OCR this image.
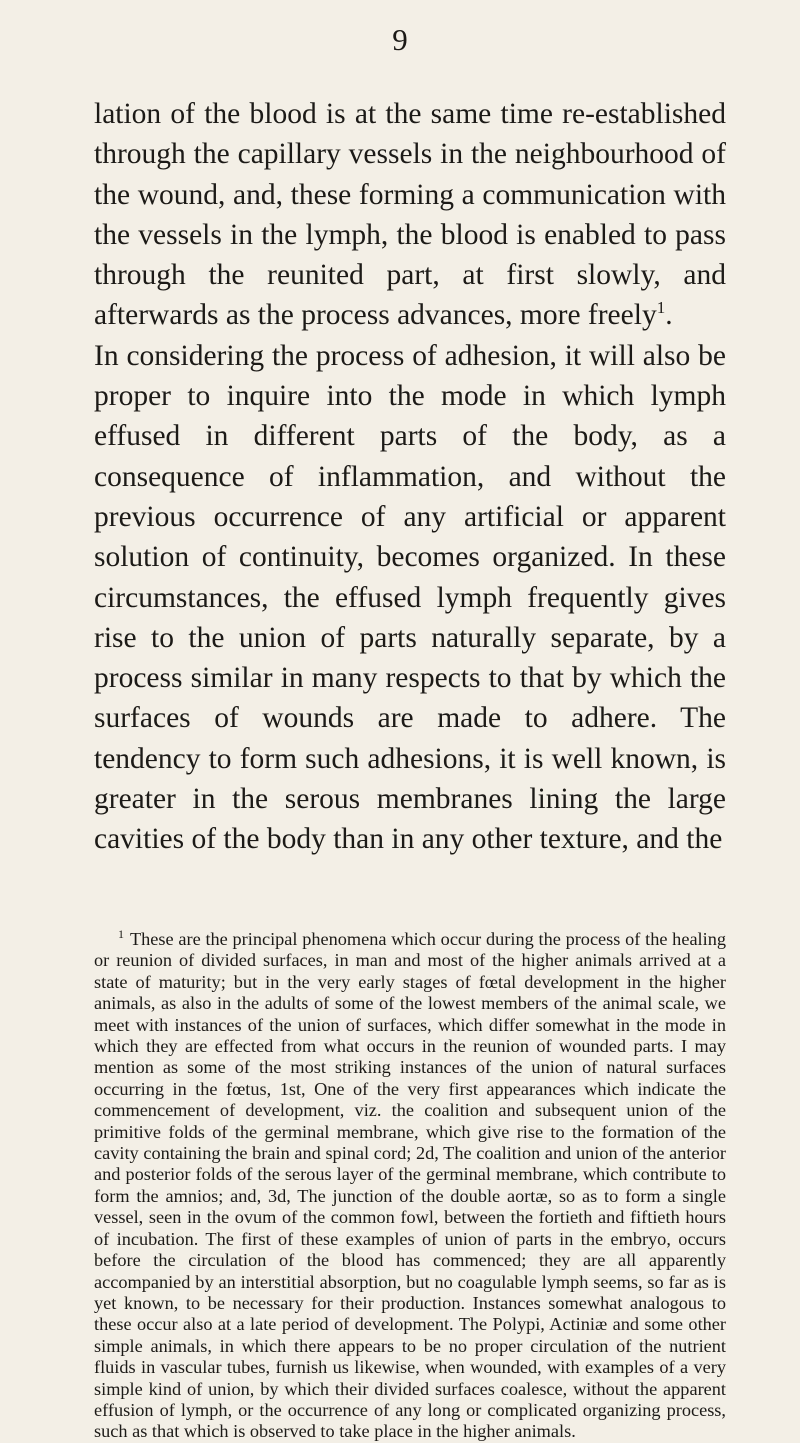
9

lation of the blood is at the same time re-established through the capillary vessels in the neighbourhood of the wound, and, these forming a communication with the vessels in the lymph, the blood is enabled to pass through the reunited part, at first slowly, and afterwards as the process advances, more freely$^1$.

In considering the process of adhesion, it will also be proper to inquire into the mode in which lymph effused in different parts of the body, as a consequence of inflammation, and without the previous occurrence of any artificial or apparent solution of continuity, becomes organized. In these circumstances, the effused lymph frequently gives rise to the union of parts naturally separate, by a process similar in many respects to that by which the surfaces of wounds are made to adhere. The tendency to form such adhesions, it is well known, is greater in the serous membranes lining the large cavities of the body than in any other texture, and the

$^1$ These are the principal phenomena which occur during the process of the healing or reunion of divided surfaces, in man and most of the higher animals arrived at a state of maturity; but in the very early stages of fœtal development in the higher animals, as also in the adults of some of the lowest members of the animal scale, we meet with instances of the union of surfaces, which differ somewhat in the mode in which they are effected from what occurs in the reunion of wounded parts. I may mention as some of the most striking instances of the union of natural surfaces occurring in the fœtus, 1st, One of the very first appearances which indicate the commencement of development, viz. the coalition and subsequent union of the primitive folds of the germinal membrane, which give rise to the formation of the cavity containing the brain and spinal cord; 2d, The coalition and union of the anterior and posterior folds of the serous layer of the germinal membrane, which contribute to form the amnios; and, 3d, The junction of the double aortæ, so as to form a single vessel, seen in the ovum of the common fowl, between the fortieth and fiftieth hours of incubation. The first of these examples of union of parts in the embryo, occurs before the circulation of the blood has commenced; they are all apparently accompanied by an interstitial absorption, but no coagulable lymph seems, so far as is yet known, to be necessary for their production. Instances somewhat analogous to these occur also at a late period of development. The Polypi, Actiniæ and some other simple animals, in which there appears to be no proper circulation of the nutrient fluids in vascular tubes, furnish us likewise, when wounded, with examples of a very simple kind of union, by which their divided surfaces coalesce, without the apparent effusion of lymph, or the occurrence of any long or complicated organizing process, such as that which is observed to take place in the higher animals.
